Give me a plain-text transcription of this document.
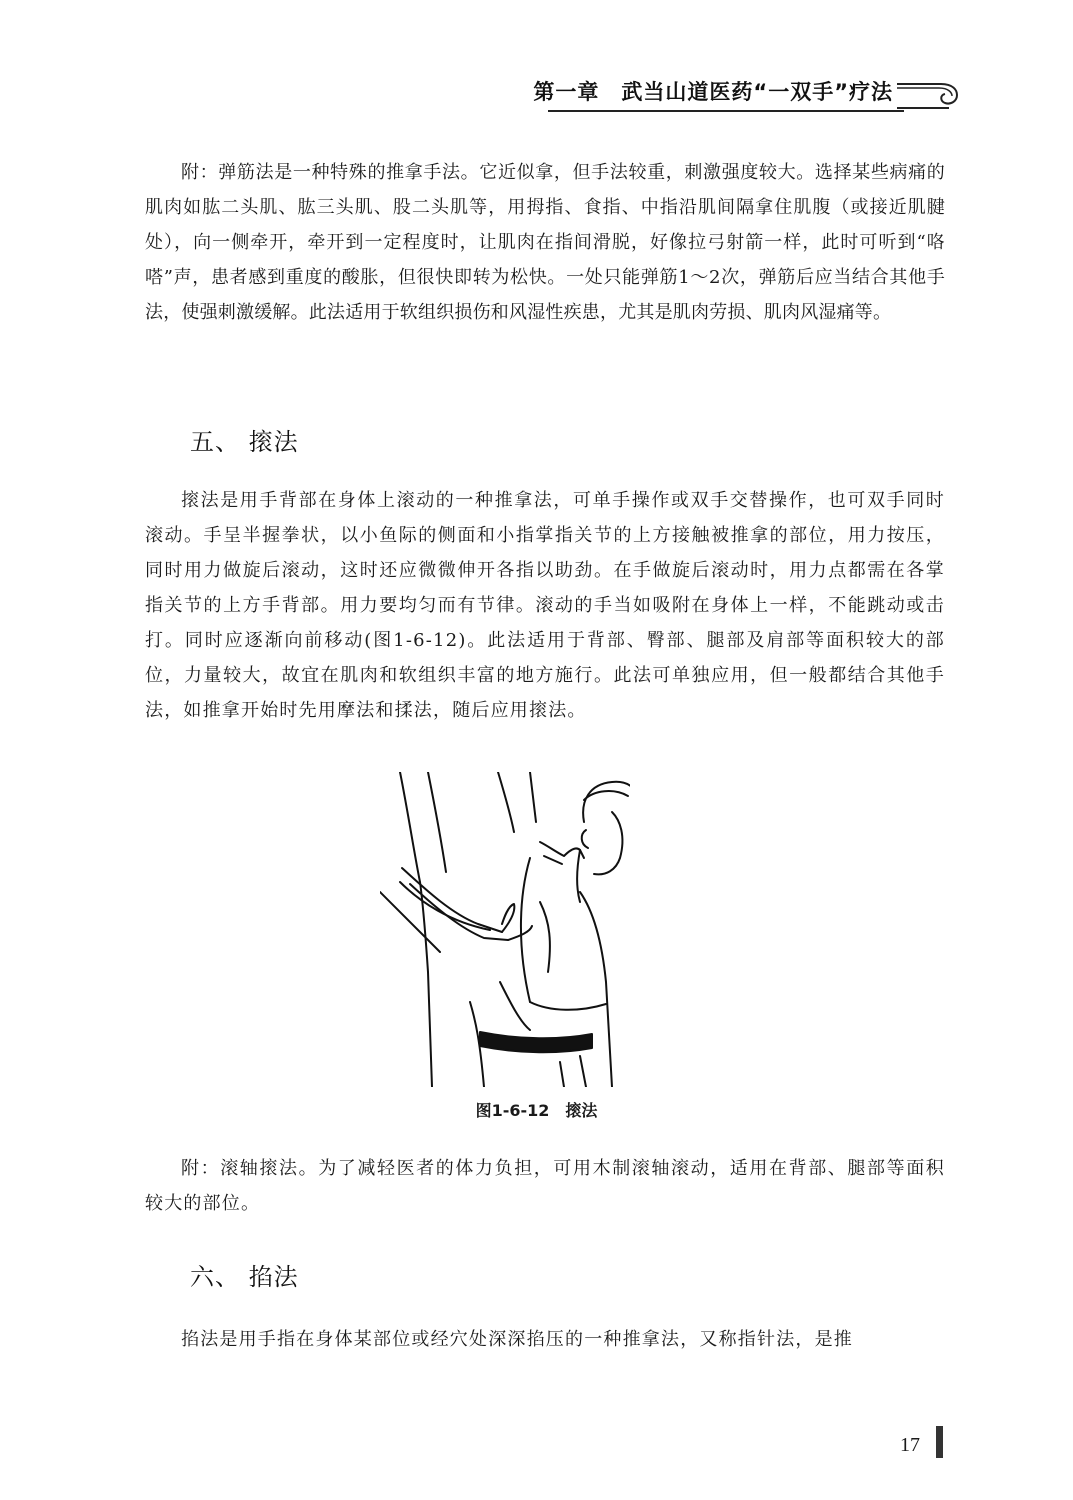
第一章　武当山道医药“一双手”疗法

附：弹筋法是一种特殊的推拿手法。它近似拿，但手法较重，刺激强度较大。选择某些病痛的肌肉如肱二头肌、肱三头肌、股二头肌等，用拇指、食指、中指沿肌间隔拿住肌腹（或接近肌腱处），向一侧牵开，牵开到一定程度时，让肌肉在指间滑脱，好像拉弓射箭一样，此时可听到“咯嗒”声，患者感到重度的酸胀，但很快即转为松快。一处只能弹筋1～2次，弹筋后应当结合其他手法，使强刺激缓解。此法适用于软组织损伤和风湿性疾患，尤其是肌肉劳损、肌肉风湿痛等。

五、 㨰法

㨰法是用手背部在身体上滚动的一种推拿法，可单手操作或双手交替操作，也可双手同时滚动。手呈半握拳状，以小鱼际的侧面和小指掌指关节的上方接触被推拿的部位，用力按压，同时用力做旋后滚动，这时还应微微伸开各指以助劲。在手做旋后滚动时，用力点都需在各掌指关节的上方手背部。用力要均匀而有节律。滚动的手当如吸附在身体上一样，不能跳动或击打。同时应逐渐向前移动(图1-6-12)。此法适用于背部、臀部、腿部及肩部等面积较大的部位，力量较大，故宜在肌肉和软组织丰富的地方施行。此法可单独应用，但一般都结合其他手法，如推拿开始时先用摩法和揉法，随后应用㨰法。

图1-6-12 㨰法

附：滚轴㨰法。为了减轻医者的体力负担，可用木制滚轴滚动，适用在背部、腿部等面积较大的部位。

六、 掐法

掐法是用手指在身体某部位或经穴处深深掐压的一种推拿法，又称指针法，是推

17
